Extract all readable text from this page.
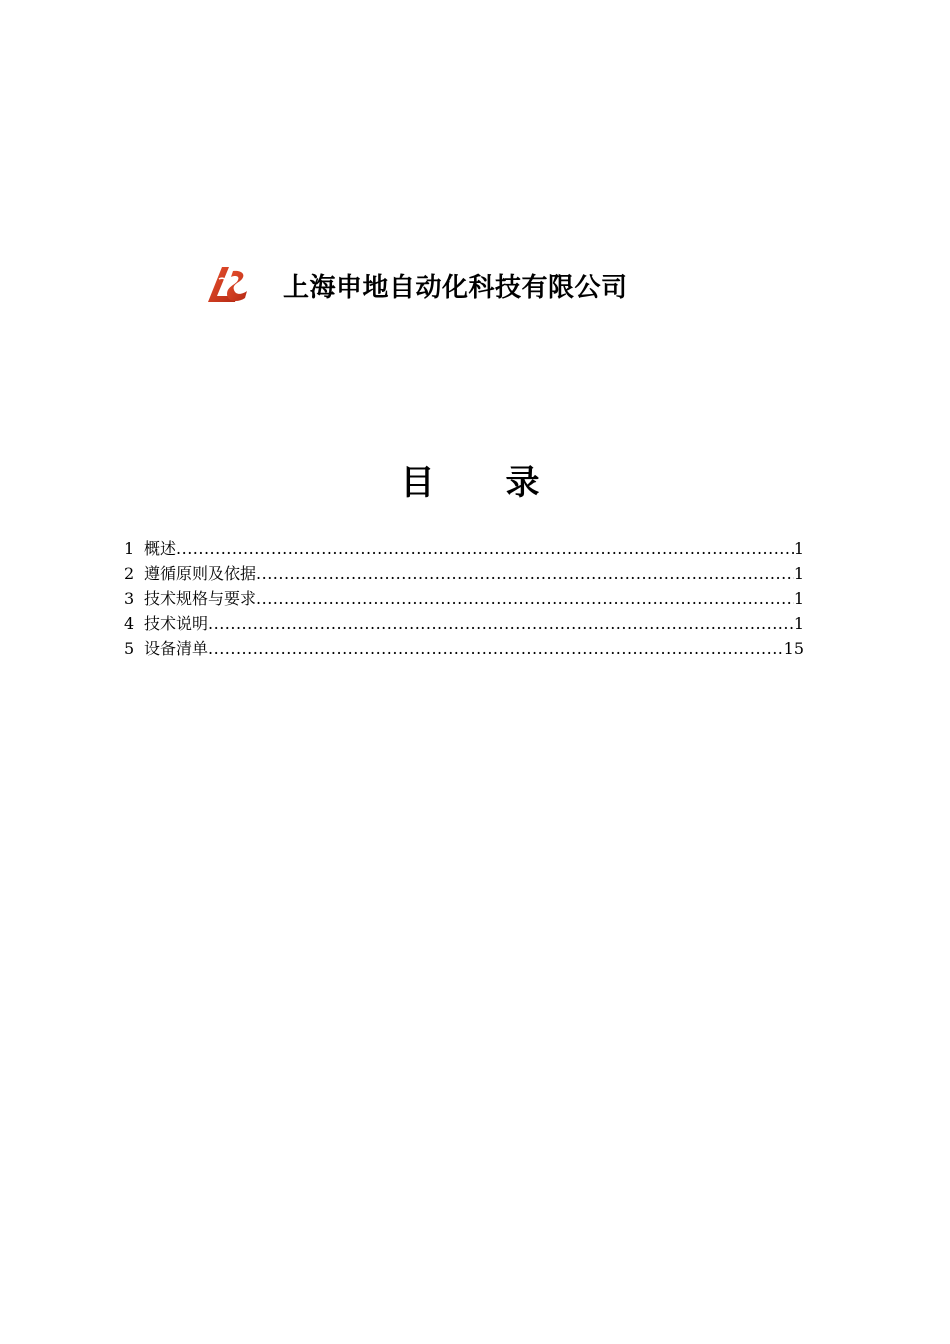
上海申地自动化科技有限公司
目      录
1 概述 .....	1
2 遵循原则及依据 .....	1
3 技术规格与要求 .....	1
4 技术说明 .....	1
5 设备清单 .....	15
